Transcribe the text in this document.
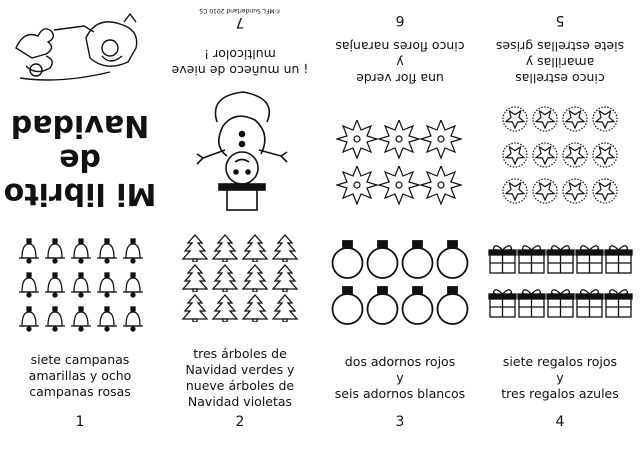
Mi librito
de
Navidad
7
¡ un muñeco de nieve
multicolor !
©MFL Sunderland 2010 CS
6
una flor verde
y
cinco flores naranjas
5
cinco estrellas
amarillas y
siete estrellas grises
siete campanas
amarillas y ocho
campanas rosas
1
tres árboles de
Navidad verdes y
nueve árboles de
Navidad violetas
2
dos adornos rojos
y
seis adornos blancos
3
siete regalos rojos
y
tres regalos azules
4
